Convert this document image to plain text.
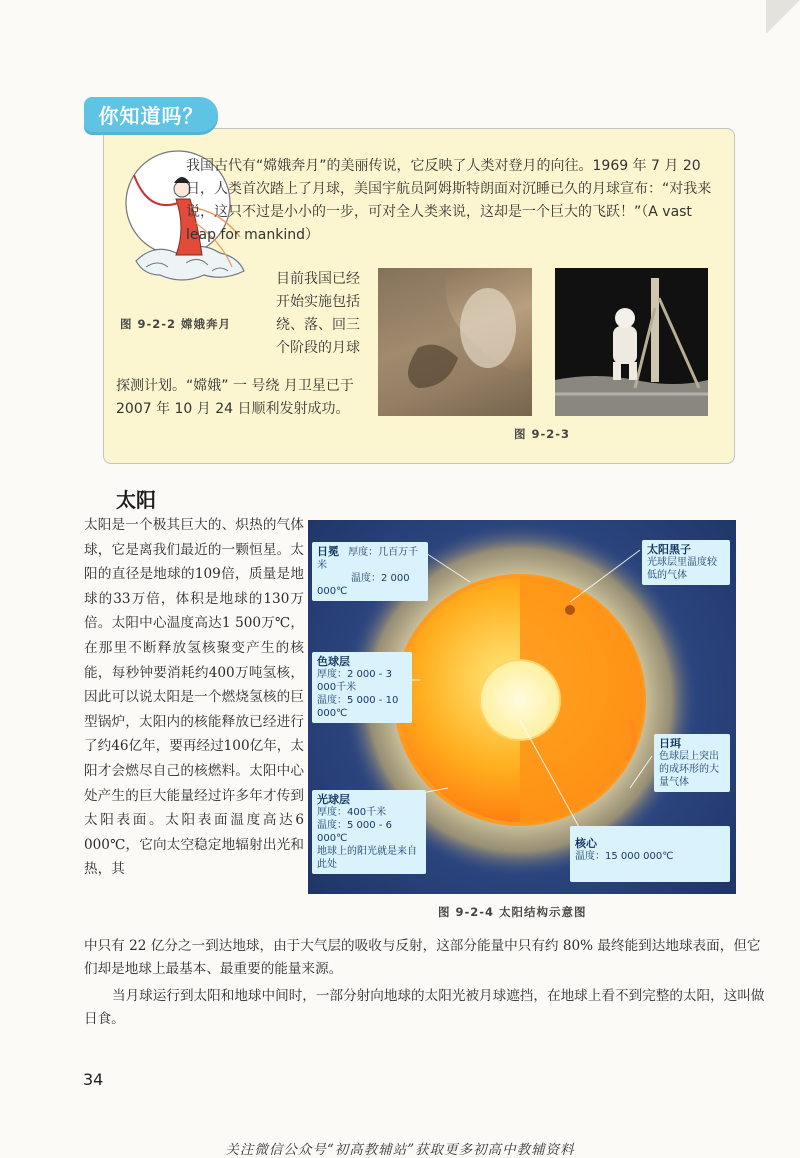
你知道吗？
我国古代有“嫦娥奔月”的美丽传说，它反映了人类对登月的向往。1969 年 7 月 20 日，人类首次踏上了月球，美国宇航员阿姆斯特朗面对沉睡已久的月球宣布：“对我来说，这只不过是小小的一步，可对全人类来说，这却是一个巨大的飞跃！”（A vast leap for mankind）
目前我国已经开始实施包括绕、落、回三个阶段的月球
探测计划。“嫦娥” 一 号绕 月卫星已于 2007 年 10 月 24 日顺利发射成功。
图 9-2-2 嫦娥奔月
图 9-2-3
太阳
太阳是一个极其巨大的、炽热的气体球，它是离我们最近的一颗恒星。太阳的直径是地球的109倍，质量是地球的33万倍，体积是地球的130万倍。太阳中心温度高达1 500万℃，在那里不断释放氢核聚变产生的核能，每秒钟要消耗约400万吨氢核，因此可以说太阳是一个燃烧氢核的巨型锅炉，太阳内的核能释放已经进行了约46亿年，要再经过100亿年，太阳才会燃尽自己的核燃料。太阳中心处产生的巨大能量经过许多年才传到太阳表面。太阳表面温度高达6 000℃，它向太空稳定地辐射出光和热，其
日冕 厚度：几百万千米
温度：2 000 000℃
太阳黑子
光球层里温度较
低的气体
色球层
厚度：2 000 - 3 000千米
温度：5 000 - 10 000℃
日珥
色球层上突出
的成环形的大
量气体
光球层
厚度：400千米
温度：5 000 - 6 000℃
地球上的阳光就是来自此处
核心
温度：15 000 000℃
图 9-2-4 太阳结构示意图
中只有 22 亿分之一到达地球，由于大气层的吸收与反射，这部分能量中只有约 80% 最终能到达地球表面，但它们却是地球上最基本、最重要的能量来源。
当月球运行到太阳和地球中间时，一部分射向地球的太阳光被月球遮挡，在地球上看不到完整的太阳，这叫做日食。
34
关注微信公众号“初高教辅站”获取更多初高中教辅资料
